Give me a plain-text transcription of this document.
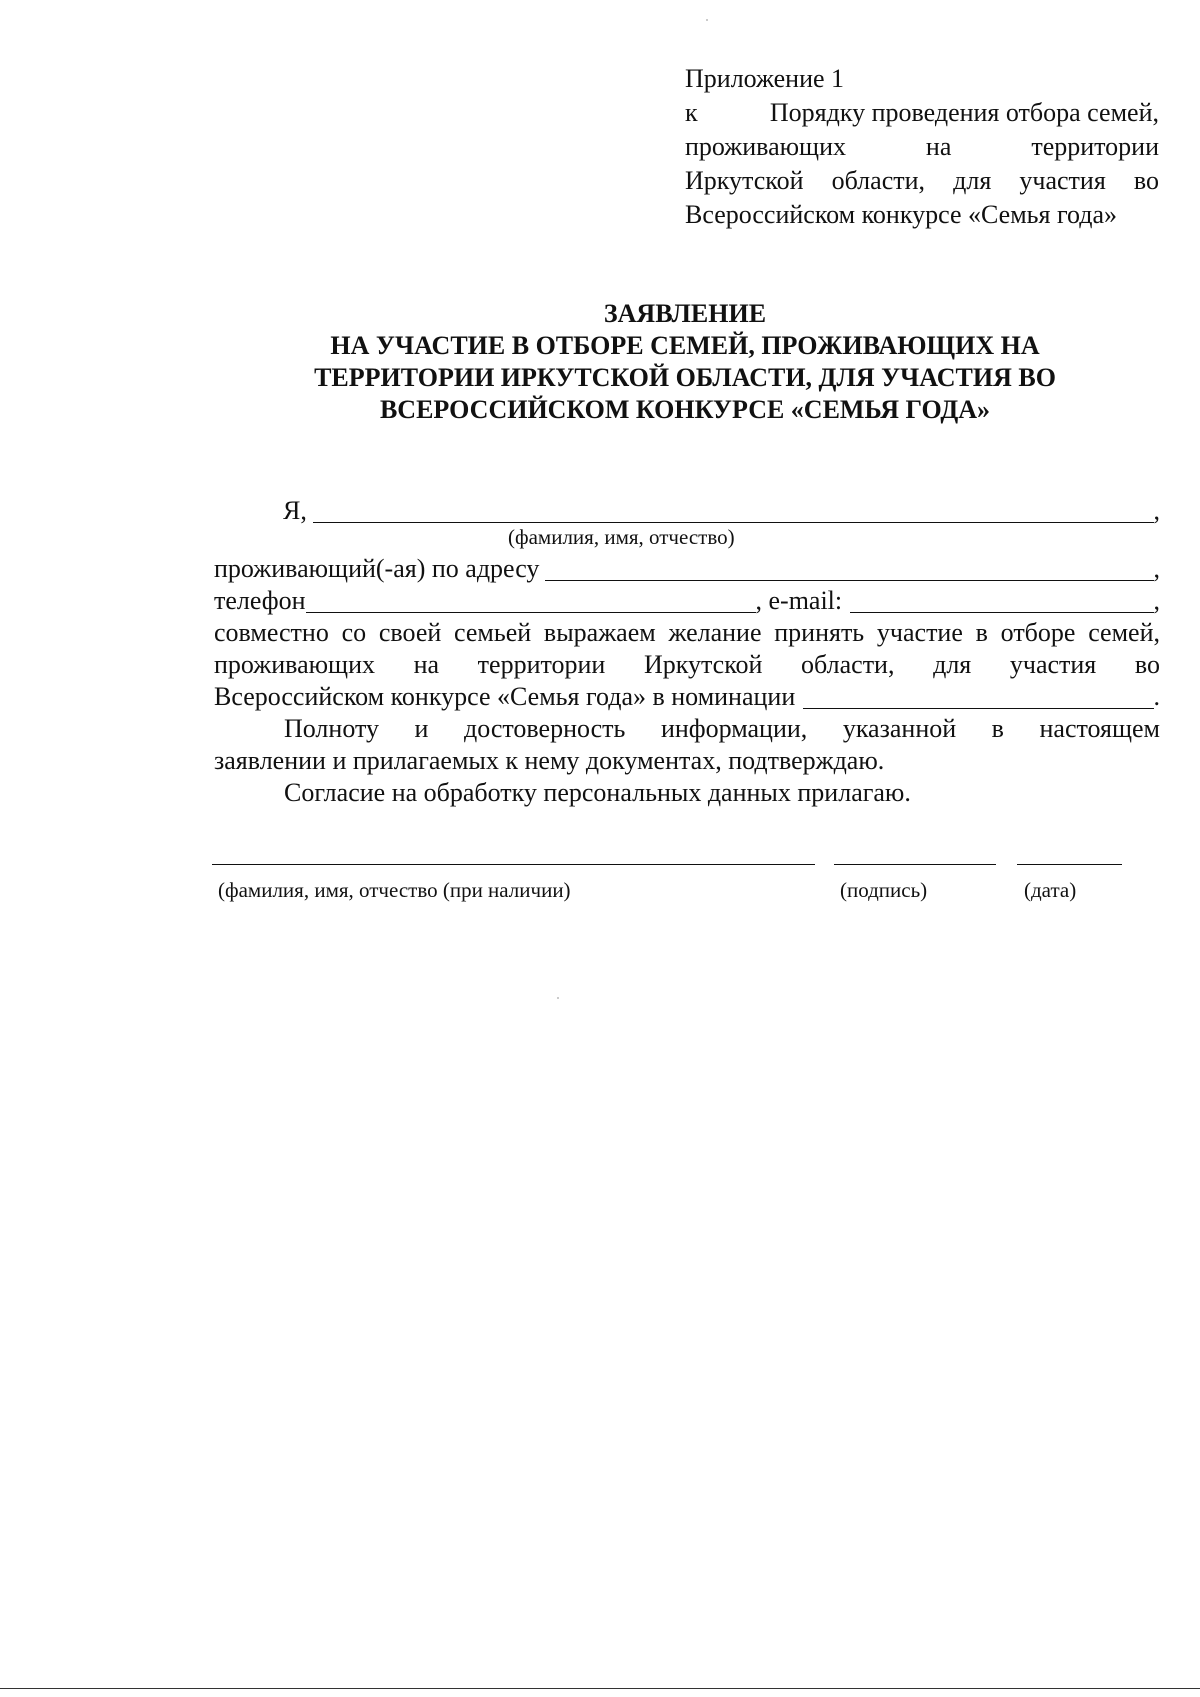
Приложение 1
к	Порядку проведения отбора семей,
проживающих	на	территории
Иркутской области, для участия во
Всероссийском конкурсе «Семья года»
ЗАЯВЛЕНИЕ
НА УЧАСТИЕ В ОТБОРЕ СЕМЕЙ, ПРОЖИВАЮЩИХ НА
ТЕРРИТОРИИ ИРКУТСКОЙ ОБЛАСТИ, ДЛЯ УЧАСТИЯ ВО
ВСЕРОССИЙСКОМ КОНКУРСЕ «СЕМЬЯ ГОДА»
Я,	,
(фамилия, имя, отчество)
проживающий(-ая) по адресу	,
телефон	, e-mail:	,
совместно со своей семьей выражаем желание принять участие в отборе семей,
проживающих на территории Иркутской области, для участия во
Всероссийском конкурсе «Семья года» в номинации	.
Полноту и достоверность информации, указанной в настоящем
заявлении и прилагаемых к нему документах, подтверждаю.
Согласие на обработку персональных данных прилагаю.
(фамилия, имя, отчество (при наличии)	(подпись)	(дата)
